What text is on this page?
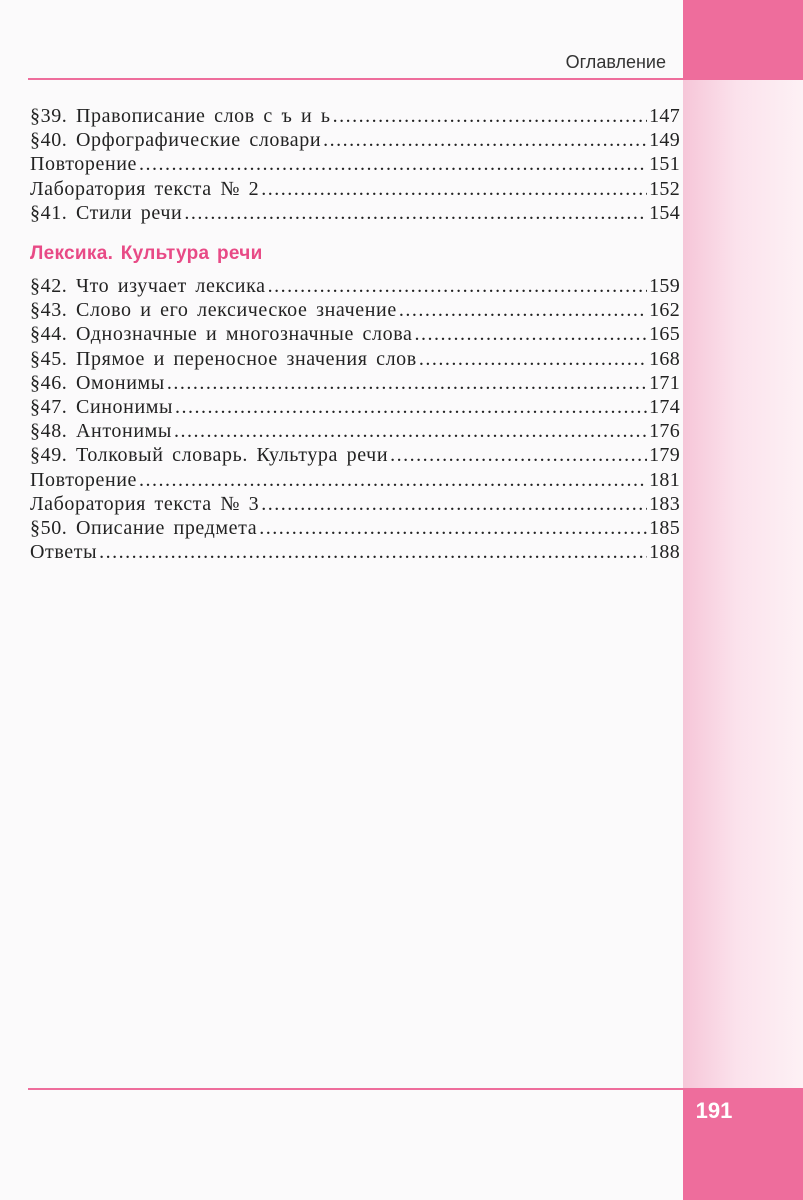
Оглавление
§39. Правописание слов с ъ и ь .....	147
§40. Орфографические словари .....	149
Повторение .....	151
Лаборатория текста № 2 .....	152
§41. Стили речи .....	154
Лексика. Культура речи
§42. Что изучает лексика .....	159
§43. Слово и его лексическое значение .....	162
§44. Однозначные и многозначные слова .....	165
§45. Прямое и переносное значения слов .....	168
§46. Омонимы .....	171
§47. Синонимы .....	174
§48. Антонимы .....	176
§49. Толковый словарь. Культура речи .....	179
Повторение .....	181
Лаборатория текста № 3 .....	183
§50. Описание предмета .....	185
Ответы .....	188
191
